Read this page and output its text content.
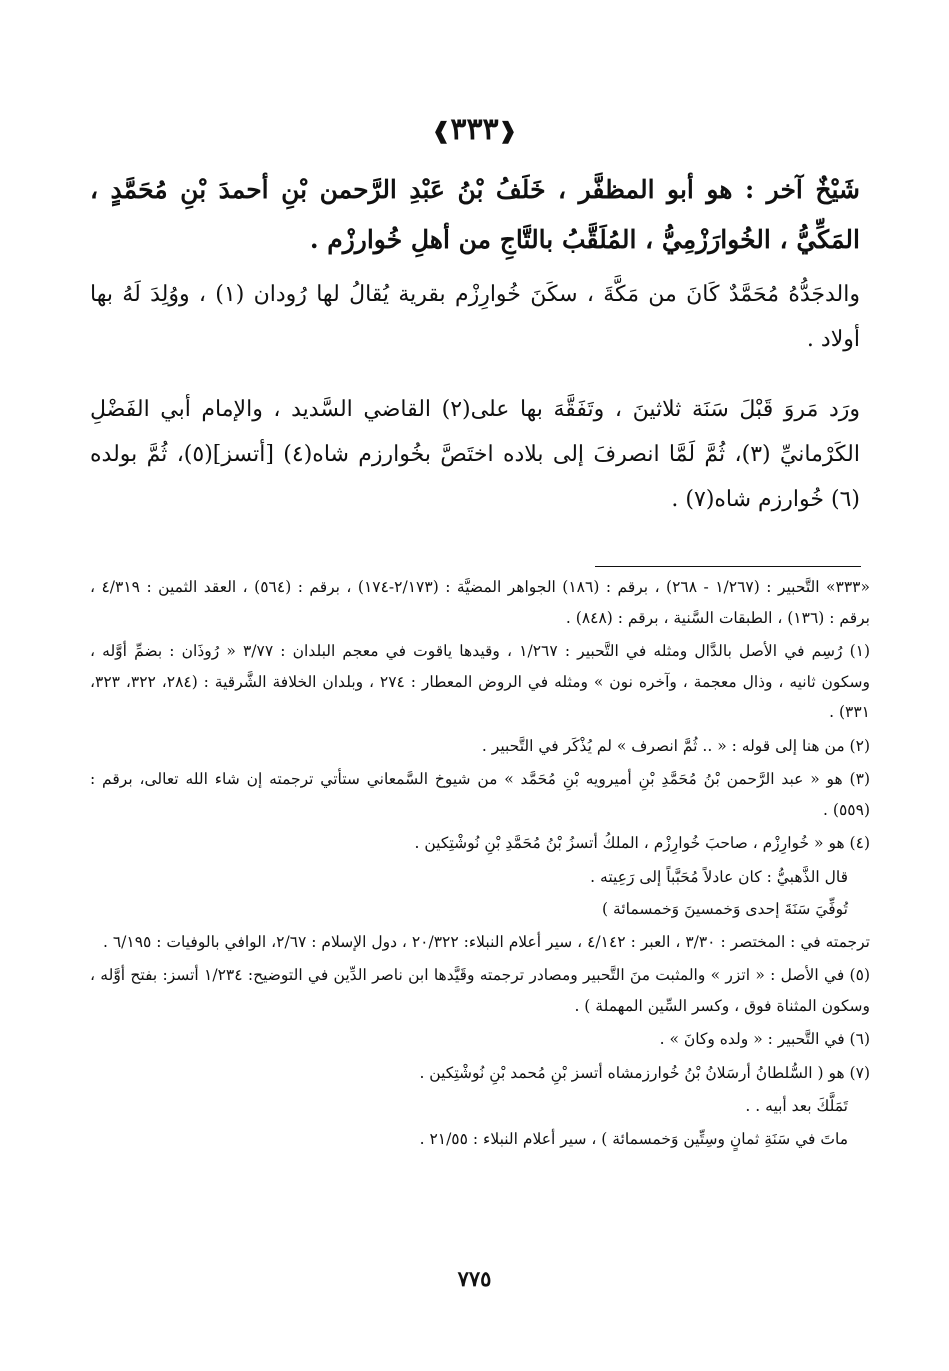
❰٣٣٣❱
شَيْخٌ آخر : هو أبو المظفَّر ، خَلَفُ بْنُ عَبْدِ الرَّحمن بْنِ أحمدَ بْنِ مُحَمَّدٍ ، المَكِّيُّ ، الخُوارَزْمِيُّ ، المُلَقَّبُ بالتَّاجِ من أهلِ خُوارزْم .
والدجَدُّهُ مُحَمَّدٌ كَانَ من مَكَّةَ ، سكَنَ خُوارِزْم بقرية يُقالُ لها رُودان (١) ، ووُلِدَ لَهُ بها أولاد .
ورَد مَروَ قَبْلَ سَنَة ثلاثينَ ، وتَفَقَّهَ بها على(٢) القاضي السَّديد ، والإمام أبي الفَضْلِ الكَرْمانيِّ (٣)، ثُمَّ لَمَّا انصرفَ إلى بلاده اختَصَّ بخُوارزم شاه(٤) [أتسز](٥)، ثُمَّ بولده (٦) خُوارزم شاه(٧) .

«٣٣٣» التَّحبير : (١/٢٦٧ - ٢٦٨) ، برقم : (١٨٦) الجواهر المضيَّة : (٢/١٧٣-١٧٤) ، برقم : (٥٦٤) ، العقد الثمين : ٤/٣١٩ ، برقم : (١٣٦) ، الطبقات السَّنية ، برقم : (٨٤٨) .

(١) رُسِم في الأصل بالدَّال ومثله في التَّحبير : ١/٢٦٧ ، وقيدها ياقوت في معجم البلدان : ٣/٧٧ « رُوذَان : بضمِّ أوَّله ، وسكون ثانيه ، وذال معجمة ، وآخره نون » ومثله في الروض المعطار : ٢٧٤ ، وبلدان الخلافة الشَّرقية : (٢٨٤، ٣٢٢، ٣٢٣، ٣٣١) .

(٢) من هنا إلى قوله : « .. ثُمَّ انصرف » لم يُذْكَر في التَّحبير .

(٣) هو « عبد الرَّحمن بْنُ مُحَمَّدِ بْنِ أميرويه بْنِ مُحَمَّد » من شيوخ السَّمعاني ستأتي ترجمته إن شاء الله تعالى، برقم : (٥٥٩) .

(٤) هو « خُوارِزْم ، صاحبَ خُوارِزْم ، الملكُ أتسزُ بْنُ مُحَمَّدِ بْنِ نُوشْتِكين .

قال الذَّهبيُّ : كان عادلاً مُحَبَّباً إلى رَعِيته .

تُوفِّيَ سَنَةَ إحدى وَخمسينَ وَخمسمائة )

ترجمته في : المختصر : ٣/٣٠ ، العبر : ٤/١٤٢ ، سير أعلام النبلاء: ٢٠/٣٢٢ ، دول الإسلام : ٢/٦٧، الوافي بالوفيات : ٦/١٩٥ .

(٥) في الأصل : « اتزر » والمثبت منَ التَّحبير ومصادر ترجمته وقَيَّدها ابن ناصر الدِّين في التوضيح: ١/٢٣٤ أتسز: بفتح أوَّله ، وسكون المثناة فوق ، وكسر السِّين المهملة ) .

(٦) في التَّحبير : « ولده وكانَ » .

(٧) هو ( السُّلطانُ أرسَلانُ بْنُ خُوارزمشاه أتسز بْنِ مُحمد بْنِ نُوشْتِكين .

تَمَلَّكَ بعد أبيه . .

ماتَ في سَنَةِ ثمانٍ وسِتِّين وَخمسمائة ) ، سير أعلام النبلاء : ٢١/٥٥ .

٧٧٥
